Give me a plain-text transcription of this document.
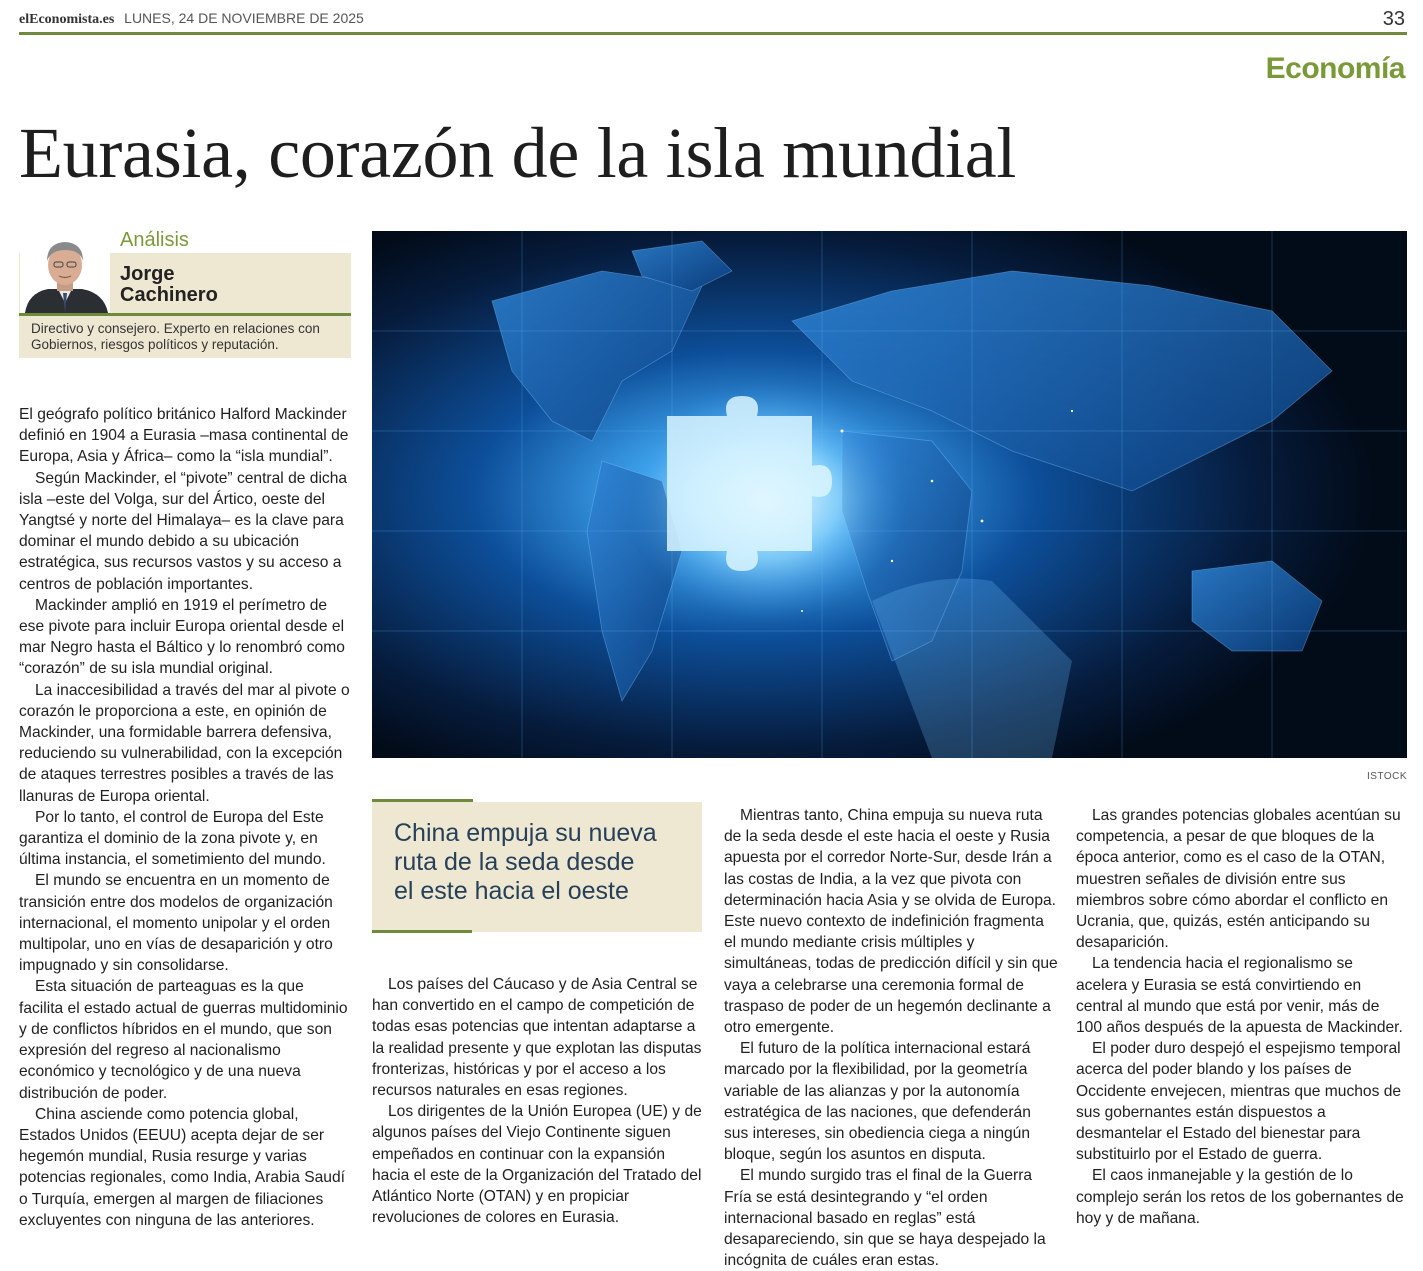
elEconomista.es LUNES, 24 DE NOVIEMBRE DE 2025	33
Economía
Eurasia, corazón de la isla mundial
Análisis
Jorge
Cachinero
Directivo y consejero. Experto en relaciones con Gobiernos, riesgos políticos y reputación.

El geógrafo político británico Halford Mackinder definió en 1904 a Eurasia –masa continental de Europa, Asia y África– como la “isla mundial”.

Según Mackinder, el “pivote” central de dicha isla –este del Volga, sur del Ártico, oeste del Yangtsé y norte del Himalaya– es la clave para dominar el mundo debido a su ubicación estratégica, sus recursos vastos y su acceso a centros de población importantes.

Mackinder amplió en 1919 el perímetro de ese pivote para incluir Europa oriental desde el mar Negro hasta el Báltico y lo renombró como “corazón” de su isla mundial original.

La inaccesibilidad a través del mar al pivote o corazón le proporciona a este, en opinión de Mackinder, una formidable barrera defensiva, reduciendo su vulnerabilidad, con la excepción de ataques terrestres posibles a través de las llanuras de Europa oriental.

Por lo tanto, el control de Europa del Este garantiza el dominio de la zona pivote y, en última instancia, el sometimiento del mundo.

El mundo se encuentra en un momento de transición entre dos modelos de organización internacional, el momento unipolar y el orden multipolar, uno en vías de desaparición y otro impugnado y sin consolidarse.

Esta situación de parteaguas es la que facilita el estado actual de guerras multidominio y de conflictos híbridos en el mundo, que son expresión del regreso al nacionalismo económico y tecnológico y de una nueva distribución de poder.

China asciende como potencia global, Estados Unidos (EEUU) acepta dejar de ser hegemón mundial, Rusia resurge y varias potencias regionales, como India, Arabia Saudí o Turquía, emergen al margen de filiaciones excluyentes con ninguna de las anteriores.

ISTOCK
China empuja su nueva
ruta de la seda desde
el este hacia el oeste

Los países del Cáucaso y de Asia Central se han convertido en el campo de competición de todas esas potencias que intentan adaptarse a la realidad presente y que explotan las disputas fronterizas, históricas y por el acceso a los recursos naturales en esas regiones.

Los dirigentes de la Unión Europea (UE) y de algunos países del Viejo Continente siguen empeñados en continuar con la expansión hacia el este de la Organización del Tratado del Atlántico Norte (OTAN) y en propiciar revoluciones de colores en Eurasia.

Mientras tanto, China empuja su nueva ruta de la seda desde el este hacia el oeste y Rusia apuesta por el corredor Norte-Sur, desde Irán a las costas de India, a la vez que pivota con determinación hacia Asia y se olvida de Europa. Este nuevo contexto de indefinición fragmenta el mundo mediante crisis múltiples y simultáneas, todas de predicción difícil y sin que vaya a celebrarse una ceremonia formal de traspaso de poder de un hegemón declinante a otro emergente.

El futuro de la política internacional estará marcado por la flexibilidad, por la geometría variable de las alianzas y por la autonomía estratégica de las naciones, que defenderán sus intereses, sin obediencia ciega a ningún bloque, según los asuntos en disputa.

El mundo surgido tras el final de la Guerra Fría se está desintegrando y “el orden internacional basado en reglas” está desapareciendo, sin que se haya despejado la incógnita de cuáles eran estas.

Las grandes potencias globales acentúan su competencia, a pesar de que bloques de la época anterior, como es el caso de la OTAN, muestren señales de división entre sus miembros sobre cómo abordar el conflicto en Ucrania, que, quizás, estén anticipando su desaparición.

La tendencia hacia el regionalismo se acelera y Eurasia se está convirtiendo en central al mundo que está por venir, más de 100 años después de la apuesta de Mackinder.

El poder duro despejó el espejismo temporal acerca del poder blando y los países de Occidente envejecen, mientras que muchos de sus gobernantes están dispuestos a desmantelar el Estado del bienestar para substituirlo por el Estado de guerra.

El caos inmanejable y la gestión de lo complejo serán los retos de los gobernantes de hoy y de mañana.
